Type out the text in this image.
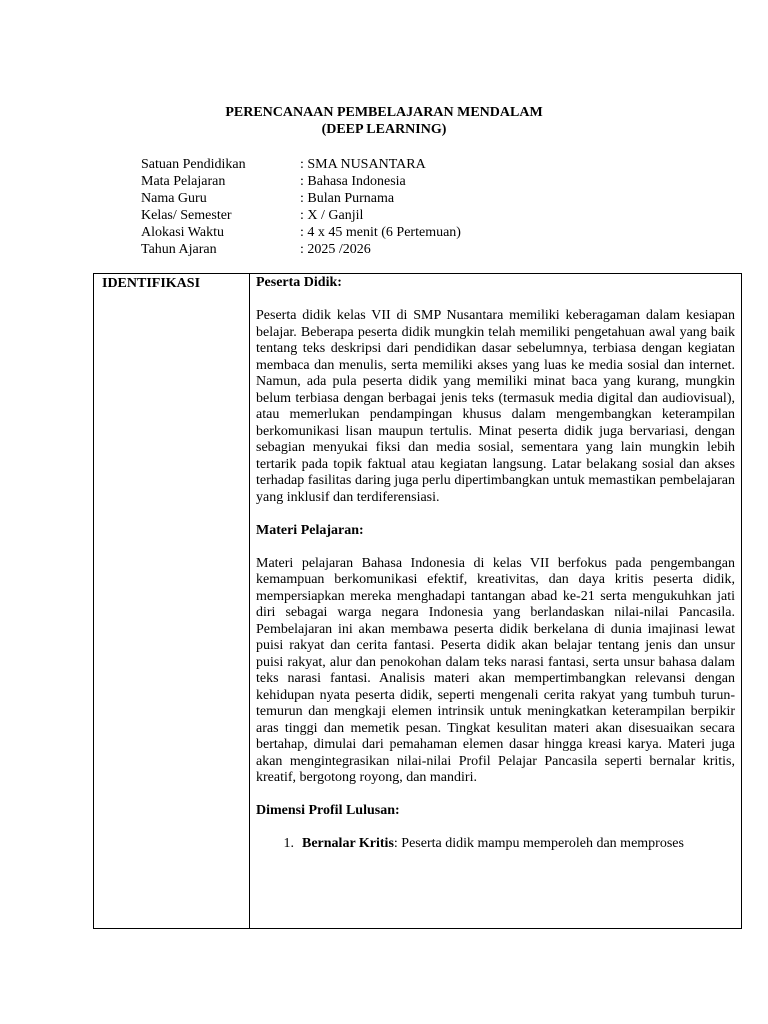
PERENCANAAN PEMBELAJARAN MENDALAM
(DEEP LEARNING)
Satuan Pendidikan	: SMA NUSANTARA
Mata Pelajaran	: Bahasa Indonesia
Nama Guru	: Bulan Purnama
Kelas/ Semester	: X / Ganjil
Alokasi Waktu	: 4 x 45 menit (6 Pertemuan)
Tahun Ajaran	: 2025 /2026
IDENTIFIKASI	Peserta Didik:

Peserta didik kelas VII di SMP Nusantara memiliki keberagaman dalam kesiapan belajar. Beberapa peserta didik mungkin telah memiliki pengetahuan awal yang baik tentang teks deskripsi dari pendidikan dasar sebelumnya, terbiasa dengan kegiatan membaca dan menulis, serta memiliki akses yang luas ke media sosial dan internet. Namun, ada pula peserta didik yang memiliki minat baca yang kurang, mungkin belum terbiasa dengan berbagai jenis teks (termasuk media digital dan audiovisual), atau memerlukan pendampingan khusus dalam mengembangkan keterampilan berkomunikasi lisan maupun tertulis. Minat peserta didik juga bervariasi, dengan sebagian menyukai fiksi dan media sosial, sementara yang lain mungkin lebih tertarik pada topik faktual atau kegiatan langsung. Latar belakang sosial dan akses terhadap fasilitas daring juga perlu dipertimbangkan untuk memastikan pembelajaran yang inklusif dan terdiferensiasi.

Materi Pelajaran:

Materi pelajaran Bahasa Indonesia di kelas VII berfokus pada pengembangan kemampuan berkomunikasi efektif, kreativitas, dan daya kritis peserta didik, mempersiapkan mereka menghadapi tantangan abad ke-21 serta mengukuhkan jati diri sebagai warga negara Indonesia yang berlandaskan nilai-nilai Pancasila. Pembelajaran ini akan membawa peserta didik berkelana di dunia imajinasi lewat puisi rakyat dan cerita fantasi. Peserta didik akan belajar tentang jenis dan unsur puisi rakyat, alur dan penokohan dalam teks narasi fantasi, serta unsur bahasa dalam teks narasi fantasi. Analisis materi akan mempertimbangkan relevansi dengan kehidupan nyata peserta didik, seperti mengenali cerita rakyat yang tumbuh turun-temurun dan mengkaji elemen intrinsik untuk meningkatkan keterampilan berpikir aras tinggi dan memetik pesan. Tingkat kesulitan materi akan disesuaikan secara bertahap, dimulai dari pemahaman elemen dasar hingga kreasi karya. Materi juga akan mengintegrasikan nilai-nilai Profil Pelajar Pancasila seperti bernalar kritis, kreatif, bergotong royong, dan mandiri.

Dimensi Profil Lulusan:

1. Bernalar Kritis: Peserta didik mampu memperoleh dan memproses
